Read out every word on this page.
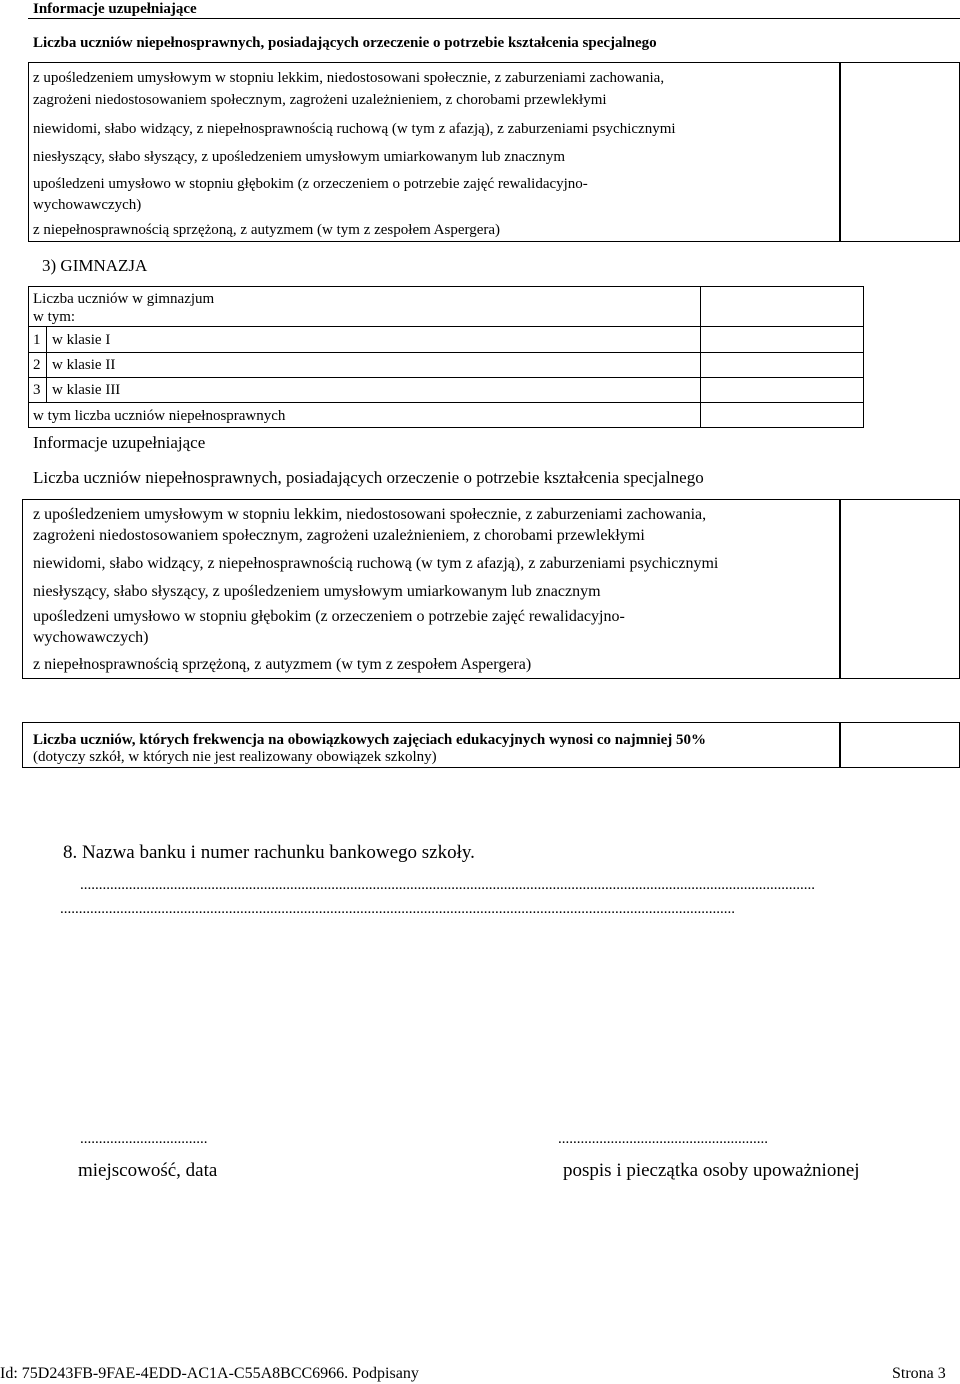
Informacje uzupełniające
Liczba uczniów niepełnosprawnych, posiadających orzeczenie o potrzebie kształcenia specjalnego
z upośledzeniem umysłowym w stopniu lekkim, niedostosowani społecznie, z zaburzeniami zachowania,
zagrożeni niedostosowaniem społecznym, zagrożeni uzależnieniem, z chorobami przewlekłymi
niewidomi, słabo widzący, z niepełnosprawnością ruchową (w tym z afazją), z zaburzeniami psychicznymi
niesłyszący, słabo słyszący, z upośledzeniem umysłowym umiarkowanym lub znacznym
upośledzeni umysłowo w stopniu głębokim (z orzeczeniem o potrzebie zajęć rewalidacyjno-
wychowawczych)
z niepełnosprawnością sprzężoną, z autyzmem (w tym z zespołem Aspergera)
3) GIMNAZJA
Liczba uczniów w gimnazjum
w tym:
1 w klasie I
2 w klasie II
3 w klasie III
w tym liczba uczniów niepełnosprawnych
Informacje uzupełniające
Liczba uczniów niepełnosprawnych, posiadających orzeczenie o potrzebie kształcenia specjalnego
z upośledzeniem umysłowym w stopniu lekkim, niedostosowani społecznie, z zaburzeniami zachowania,
zagrożeni niedostosowaniem społecznym, zagrożeni uzależnieniem, z chorobami przewlekłymi
niewidomi, słabo widzący, z niepełnosprawnością ruchową (w tym z afazją), z zaburzeniami psychicznymi
niesłyszący, słabo słyszący, z upośledzeniem umysłowym umiarkowanym lub znacznym
upośledzeni umysłowo w stopniu głębokim (z orzeczeniem o potrzebie zajęć rewalidacyjno-
wychowawczych)
z niepełnosprawnością sprzężoną, z autyzmem (w tym z zespołem Aspergera)
Liczba uczniów, których frekwencja na obowiązkowych zajęciach edukacyjnych wynosi co najmniej 50%
(dotyczy szkół, w których nie jest realizowany obowiązek szkolny)
8. Nazwa banku i numer rachunku bankowego szkoły.
....................................................................................................................................................................................................
....................................................................................................................................................................................
..................................	........................................................
miejscowość, data	pospis i pieczątka osoby upoważnionej
Id: 75D243FB-9FAE-4EDD-AC1A-C55A8BCC6966. Podpisany	Strona 3
